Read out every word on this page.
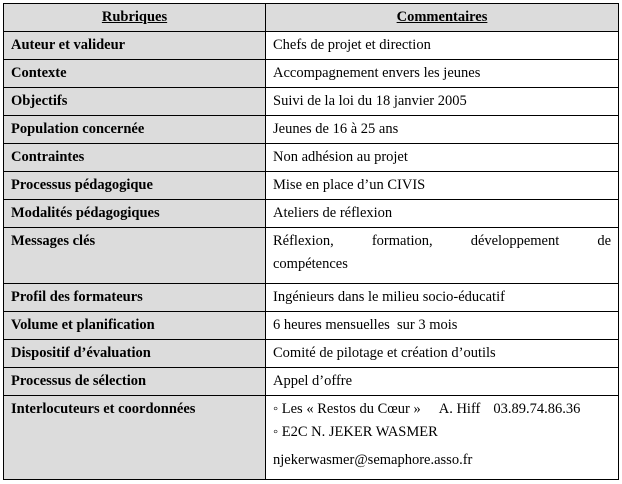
Rubriques	Commentaires
Auteur et valideur	Chefs de projet et direction
Contexte	Accompagnement envers les jeunes
Objectifs	Suivi de la loi du 18 janvier 2005
Population concernée	Jeunes de 16 à 25 ans
Contraintes	Non adhésion au projet
Processus pédagogique	Mise en place d’un CIVIS
Modalités pédagogiques	Ateliers de réflexion
Messages clés	Réflexion, formation, développement de
compétences

Profil des formateurs	Ingénieurs dans le milieu socio-éducatif
Volume et planification	6 heures mensuelles  sur 3 mois
Dispositif d’évaluation	Comité de pilotage et création d’outils
Processus de sélection	Appel d’offre
Interlocuteurs et coordonnées	◦ Les « Restos du Cœur » A. Hiff 03.89.74.86.36
◦ E2C N. JEKER WASMER
njekerwasmer@semaphore.asso.fr
